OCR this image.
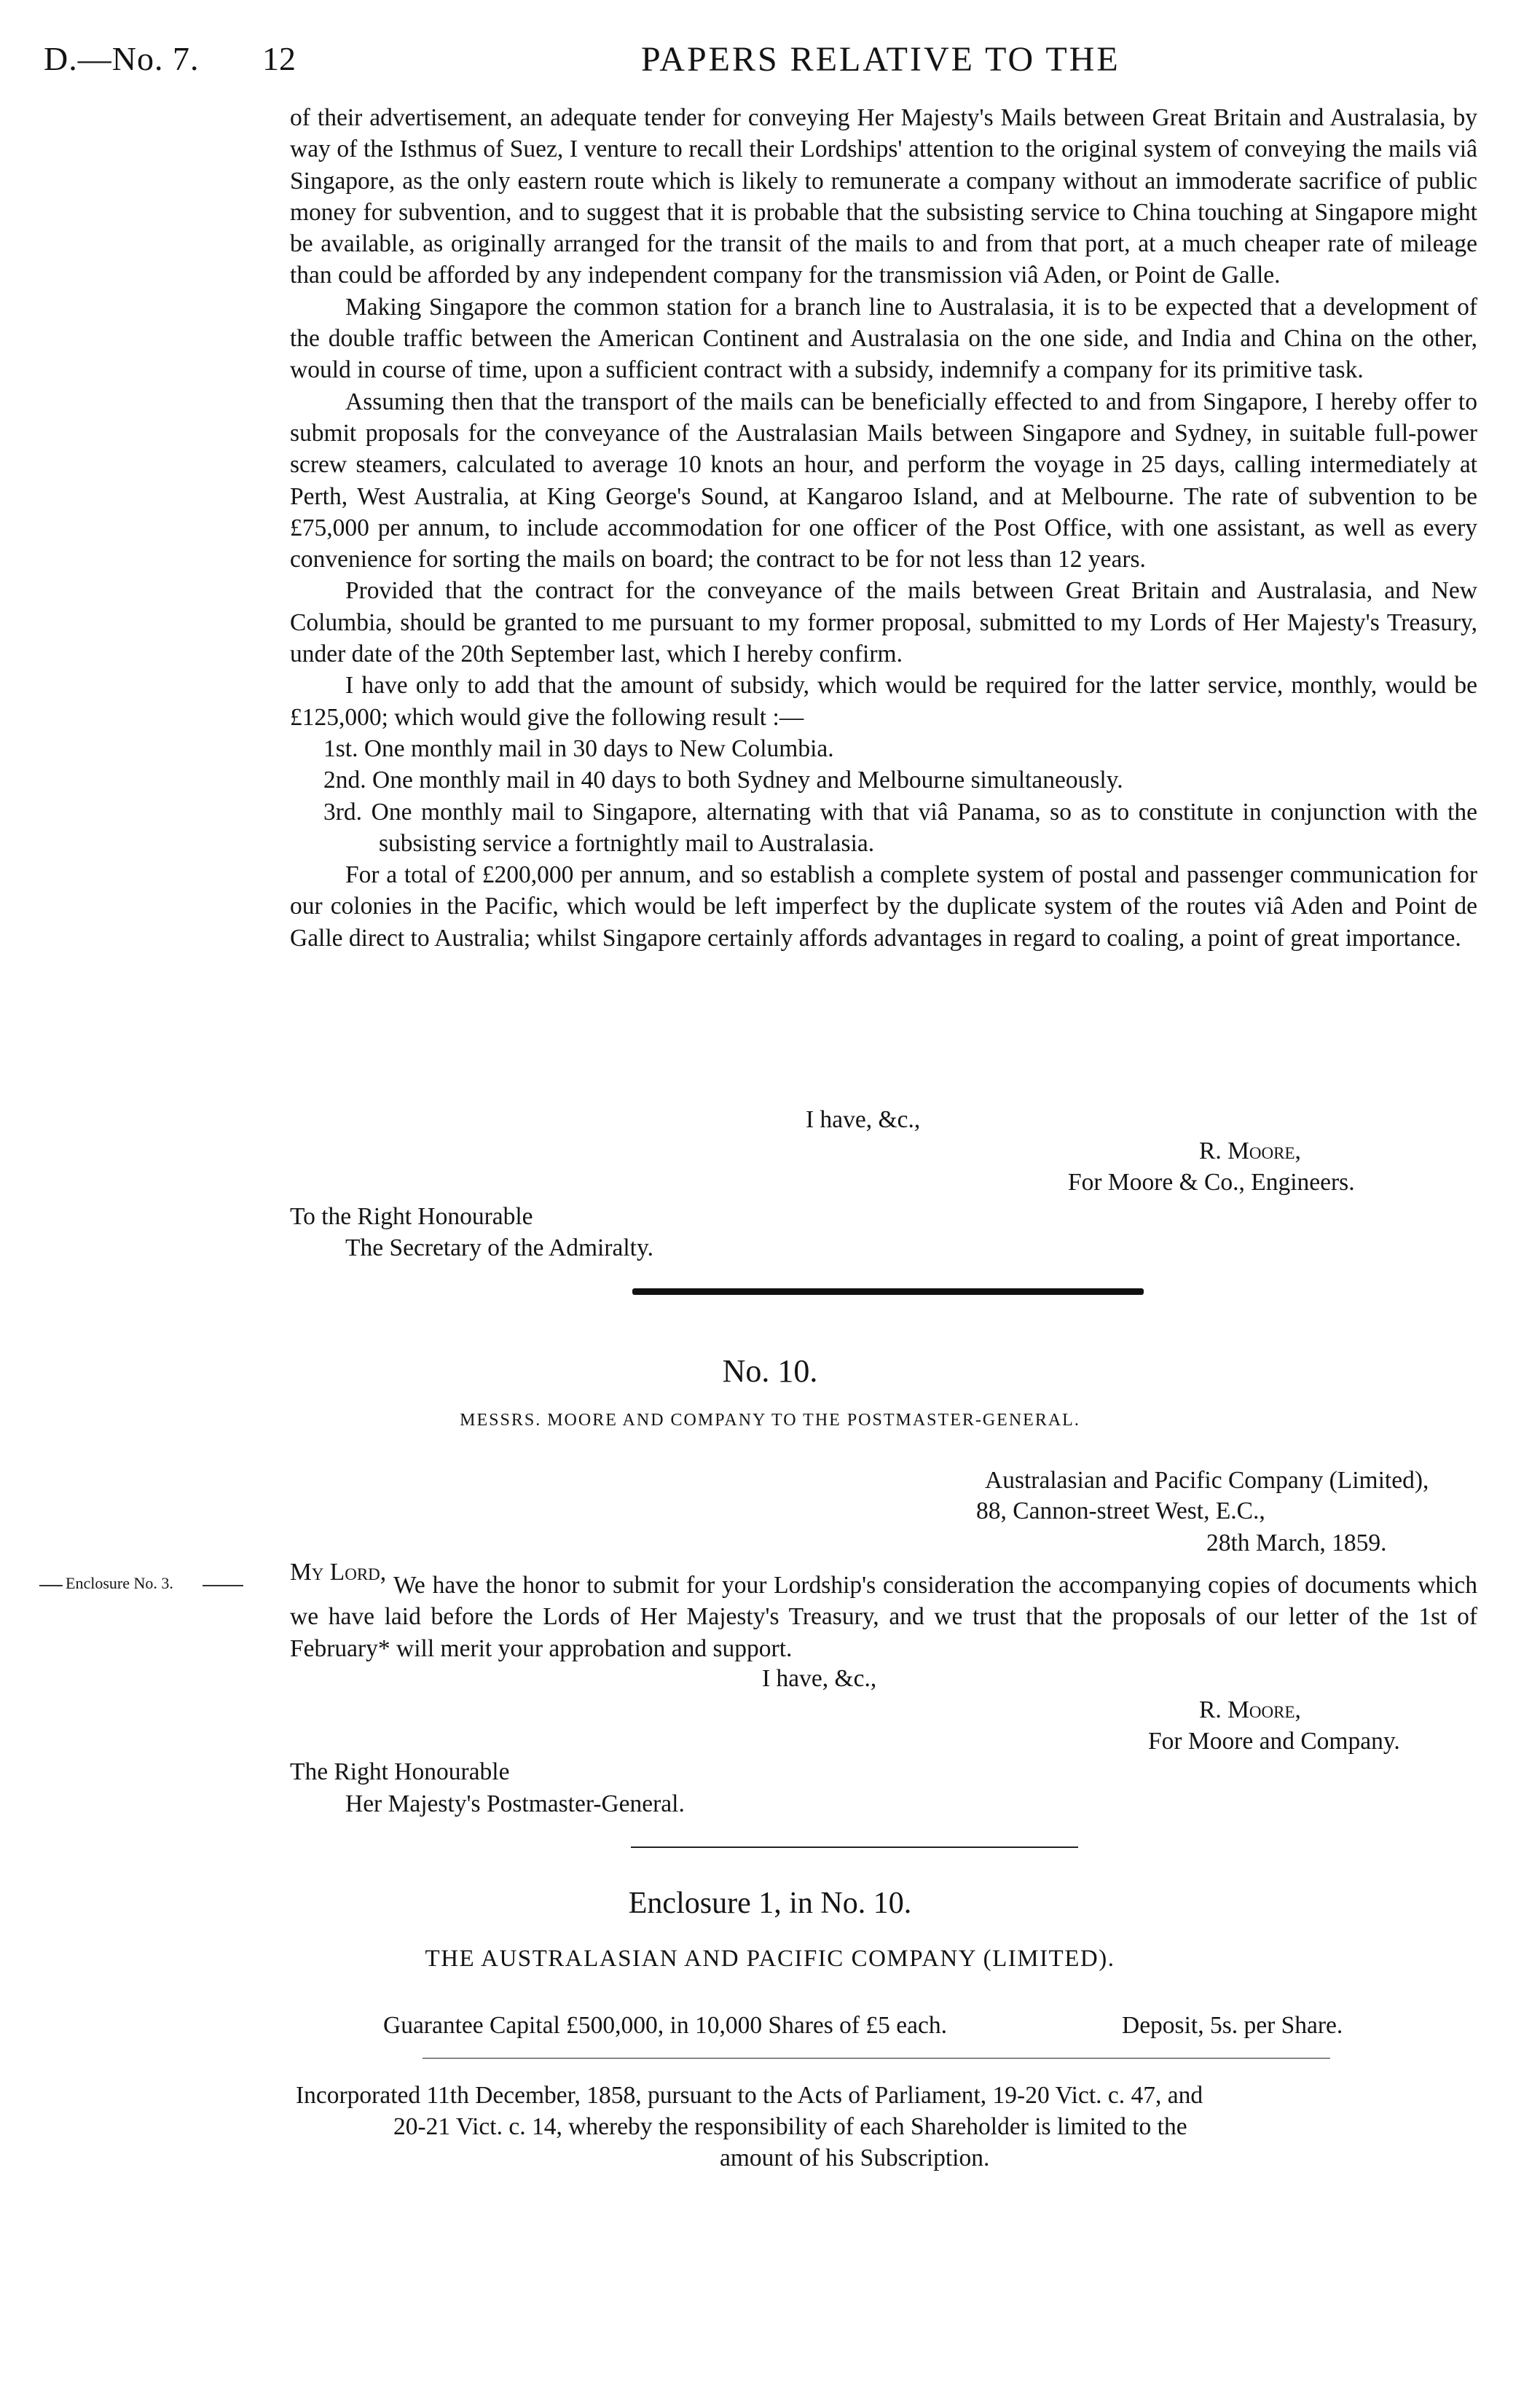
D.—No. 7. 12	PAPERS RELATIVE TO THE

of their advertisement, an adequate tender for conveying Her Majesty's Mails between Great Britain and Australasia, by way of the Isthmus of Suez, I venture to recall their Lordships' attention to the original system of conveying the mails viâ Singapore, as the only eastern route which is likely to remunerate a company without an immoderate sacrifice of public money for subvention, and to suggest that it is probable that the subsisting service to China touching at Singapore might be available, as originally arranged for the transit of the mails to and from that port, at a much cheaper rate of mileage than could be afforded by any independent company for the transmission viâ Aden, or Point de Galle.

Making Singapore the common station for a branch line to Australasia, it is to be expected that a development of the double traffic between the American Continent and Australasia on the one side, and India and China on the other, would in course of time, upon a sufficient contract with a subsidy, indemnify a company for its primitive task.

Assuming then that the transport of the mails can be beneficially effected to and from Singapore, I hereby offer to submit proposals for the conveyance of the Australasian Mails between Singapore and Sydney, in suitable full-power screw steamers, calculated to average 10 knots an hour, and perform the voyage in 25 days, calling intermediately at Perth, West Australia, at King George's Sound, at Kangaroo Island, and at Melbourne. The rate of subvention to be £75,000 per annum, to include accommodation for one officer of the Post Office, with one assistant, as well as every convenience for sorting the mails on board; the contract to be for not less than 12 years.

Provided that the contract for the conveyance of the mails between Great Britain and Australasia, and New Columbia, should be granted to me pursuant to my former proposal, submitted to my Lords of Her Majesty's Treasury, under date of the 20th September last, which I hereby confirm.

I have only to add that the amount of subsidy, which would be required for the latter service, monthly, would be £125,000; which would give the following result :—

1st. One monthly mail in 30 days to New Columbia.

2nd. One monthly mail in 40 days to both Sydney and Melbourne simultaneously.

3rd. One monthly mail to Singapore, alternating with that viâ Panama, so as to constitute in conjunction with the subsisting service a fortnightly mail to Australasia.

For a total of £200,000 per annum, and so establish a complete system of postal and passenger communication for our colonies in the Pacific, which would be left imperfect by the duplicate system of the routes viâ Aden and Point de Galle direct to Australia; whilst Singapore certainly affords advantages in regard to coaling, a point of great importance.

I have, &c.,
R. Moore,
For Moore & Co., Engineers.
To the Right Honourable
The Secretary of the Admiralty.
No. 10.
MESSRS. MOORE AND COMPANY TO THE POSTMASTER-GENERAL.
Australasian and Pacific Company (Limited),
88, Cannon-street West, E.C.,
28th March, 1859.
My Lord,
Enclosure No. 3.	We have the honor to submit for your Lordship's consideration the accompanying copies of documents which we have laid before the Lords of Her Majesty's Treasury, and we trust that the proposals of our letter of the 1st of February* will merit your approbation and support.

I have, &c.,
R. Moore,
For Moore and Company.
The Right Honourable
Her Majesty's Postmaster-General.
Enclosure 1, in No. 10.
THE AUSTRALASIAN AND PACIFIC COMPANY (LIMITED).
Guarantee Capital £500,000, in 10,000 Shares of £5 each.	Deposit, 5s. per Share.
Incorporated 11th December, 1858, pursuant to the Acts of Parliament, 19-20 Vict. c. 47, and
20-21 Vict. c. 14, whereby the responsibility of each Shareholder is limited to the
amount of his Subscription.
